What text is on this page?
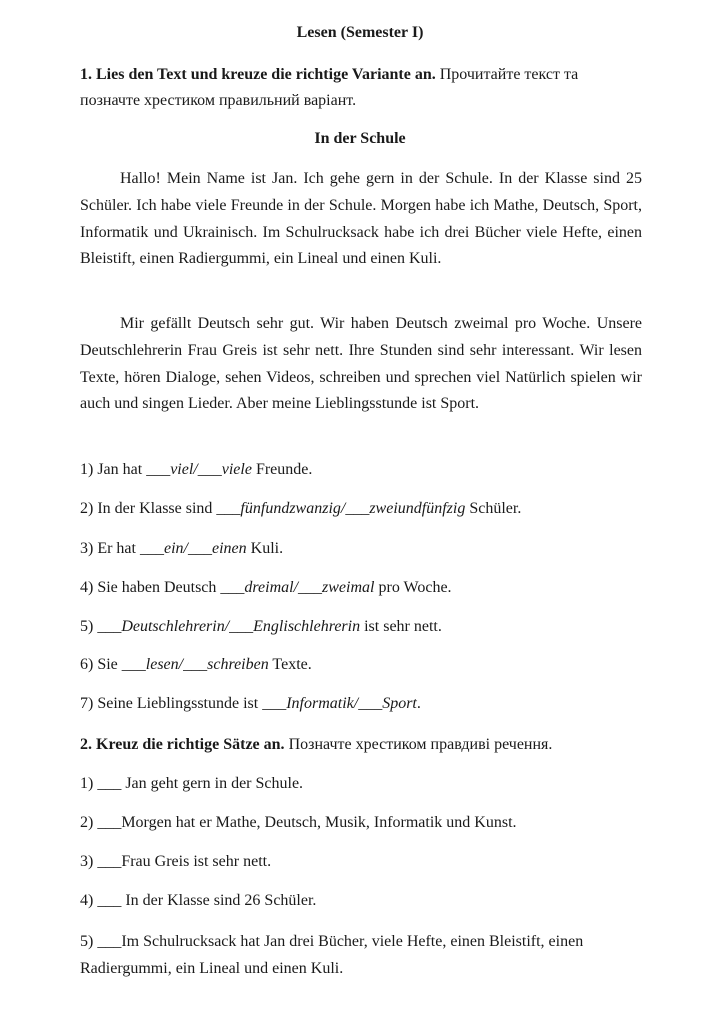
Lesen (Semester I)
1. Lies den Text und kreuze die richtige Variante an. Прочитайте текст та позначте хрестиком правильний варіант.
In der Schule
Hallo! Mein Name ist Jan. Ich gehe gern in der Schule. In der Klasse sind 25 Schüler. Ich habe viele Freunde in der Schule. Morgen habe ich Mathe, Deutsch, Sport, Informatik und Ukrainisch. Im Schulrucksack habe ich drei Bücher viele Hefte, einen Bleistift, einen Radiergummi, ein Lineal und einen Kuli.
Mir gefällt Deutsch sehr gut. Wir haben Deutsch zweimal pro Woche. Unsere Deutschlehrerin Frau Greis ist sehr nett. Ihre Stunden sind sehr interessant. Wir lesen Texte, hören Dialoge, sehen Videos, schreiben und sprechen viel Natürlich spielen wir auch und singen Lieder. Aber meine Lieblingsstunde ist Sport.
1) Jan hat ___viel/___viele Freunde.
2) In der Klasse sind ___fünfundzwanzig/___zweiundfünfzig Schüler.
3) Er hat ___ein/___einen Kuli.
4) Sie haben Deutsch ___dreimal/___zweimal pro Woche.
5) ___Deutschlehrerin/___Englischlehrerin ist sehr nett.
6) Sie ___lesen/___schreiben Texte.
7) Seine Lieblingsstunde ist ___Informatik/___Sport.
2. Kreuz die richtige Sätze an. Позначте хрестиком правдиві речення.
1) ___ Jan geht gern in der Schule.
2) ___Morgen hat er Mathe, Deutsch, Musik, Informatik und Kunst.
3) ___Frau Greis ist sehr nett.
4) ___ In der Klasse sind 26 Schüler.
5) ___Im Schulrucksack hat Jan drei Bücher, viele Hefte, einen Bleistift, einen Radiergummi, ein Lineal und einen Kuli.
